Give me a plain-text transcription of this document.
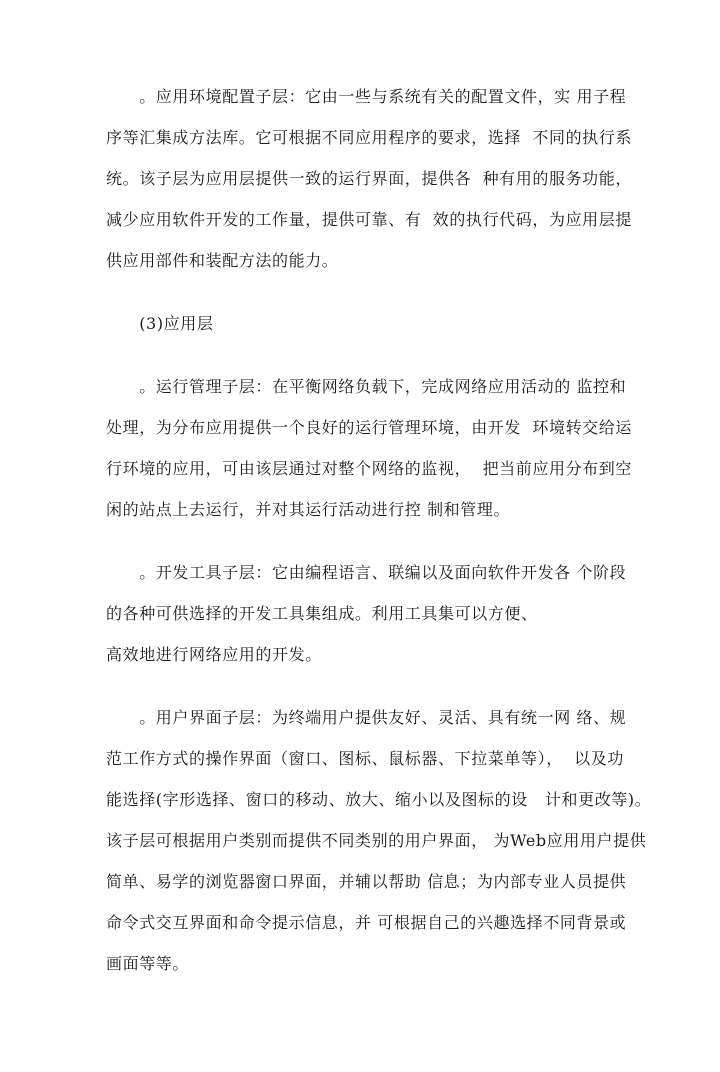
　　。应用环境配置子层：它由一些与系统有关的配置文件，实 用子程
序等汇集成方法库。它可根据不同应用程序的要求，选择  不同的执行系
统。该子层为应用层提供一致的运行界面，提供各  种有用的服务功能，
减少应用软件开发的工作量，提供可靠、有  效的执行代码，为应用层提
供应用部件和装配方法的能力。
　　(3)应用层
　　。运行管理子层：在平衡网络负载下，完成网络应用活动的 监控和
处理，为分布应用提供一个良好的运行管理环境，由开发  环境转交给运
行环境的应用，可由该层通过对整个网络的监视，  把当前应用分布到空
闲的站点上去运行，并对其运行活动进行控 制和管理。
　　。开发工具子层：它由编程语言、联编以及面向软件开发各 个阶段
的各种可供选择的开发工具集组成。利用工具集可以方便、
高效地进行网络应用的开发。
　　。用户界面子层：为终端用户提供友好、灵活、具有统一网 络、规
范工作方式的操作界面（窗口、图标、鼠标器、下拉菜单等），  以及功
能选择(字形选择、窗口的移动、放大、缩小以及图标的设   计和更改等)。
该子层可根据用户类别而提供不同类别的用户界面， 为Web应用用户提供
简单、易学的浏览器窗口界面，并辅以帮助 信息；为内部专业人员提供
命令式交互界面和命令提示信息，并 可根据自己的兴趣选择不同背景或
画面等等。
